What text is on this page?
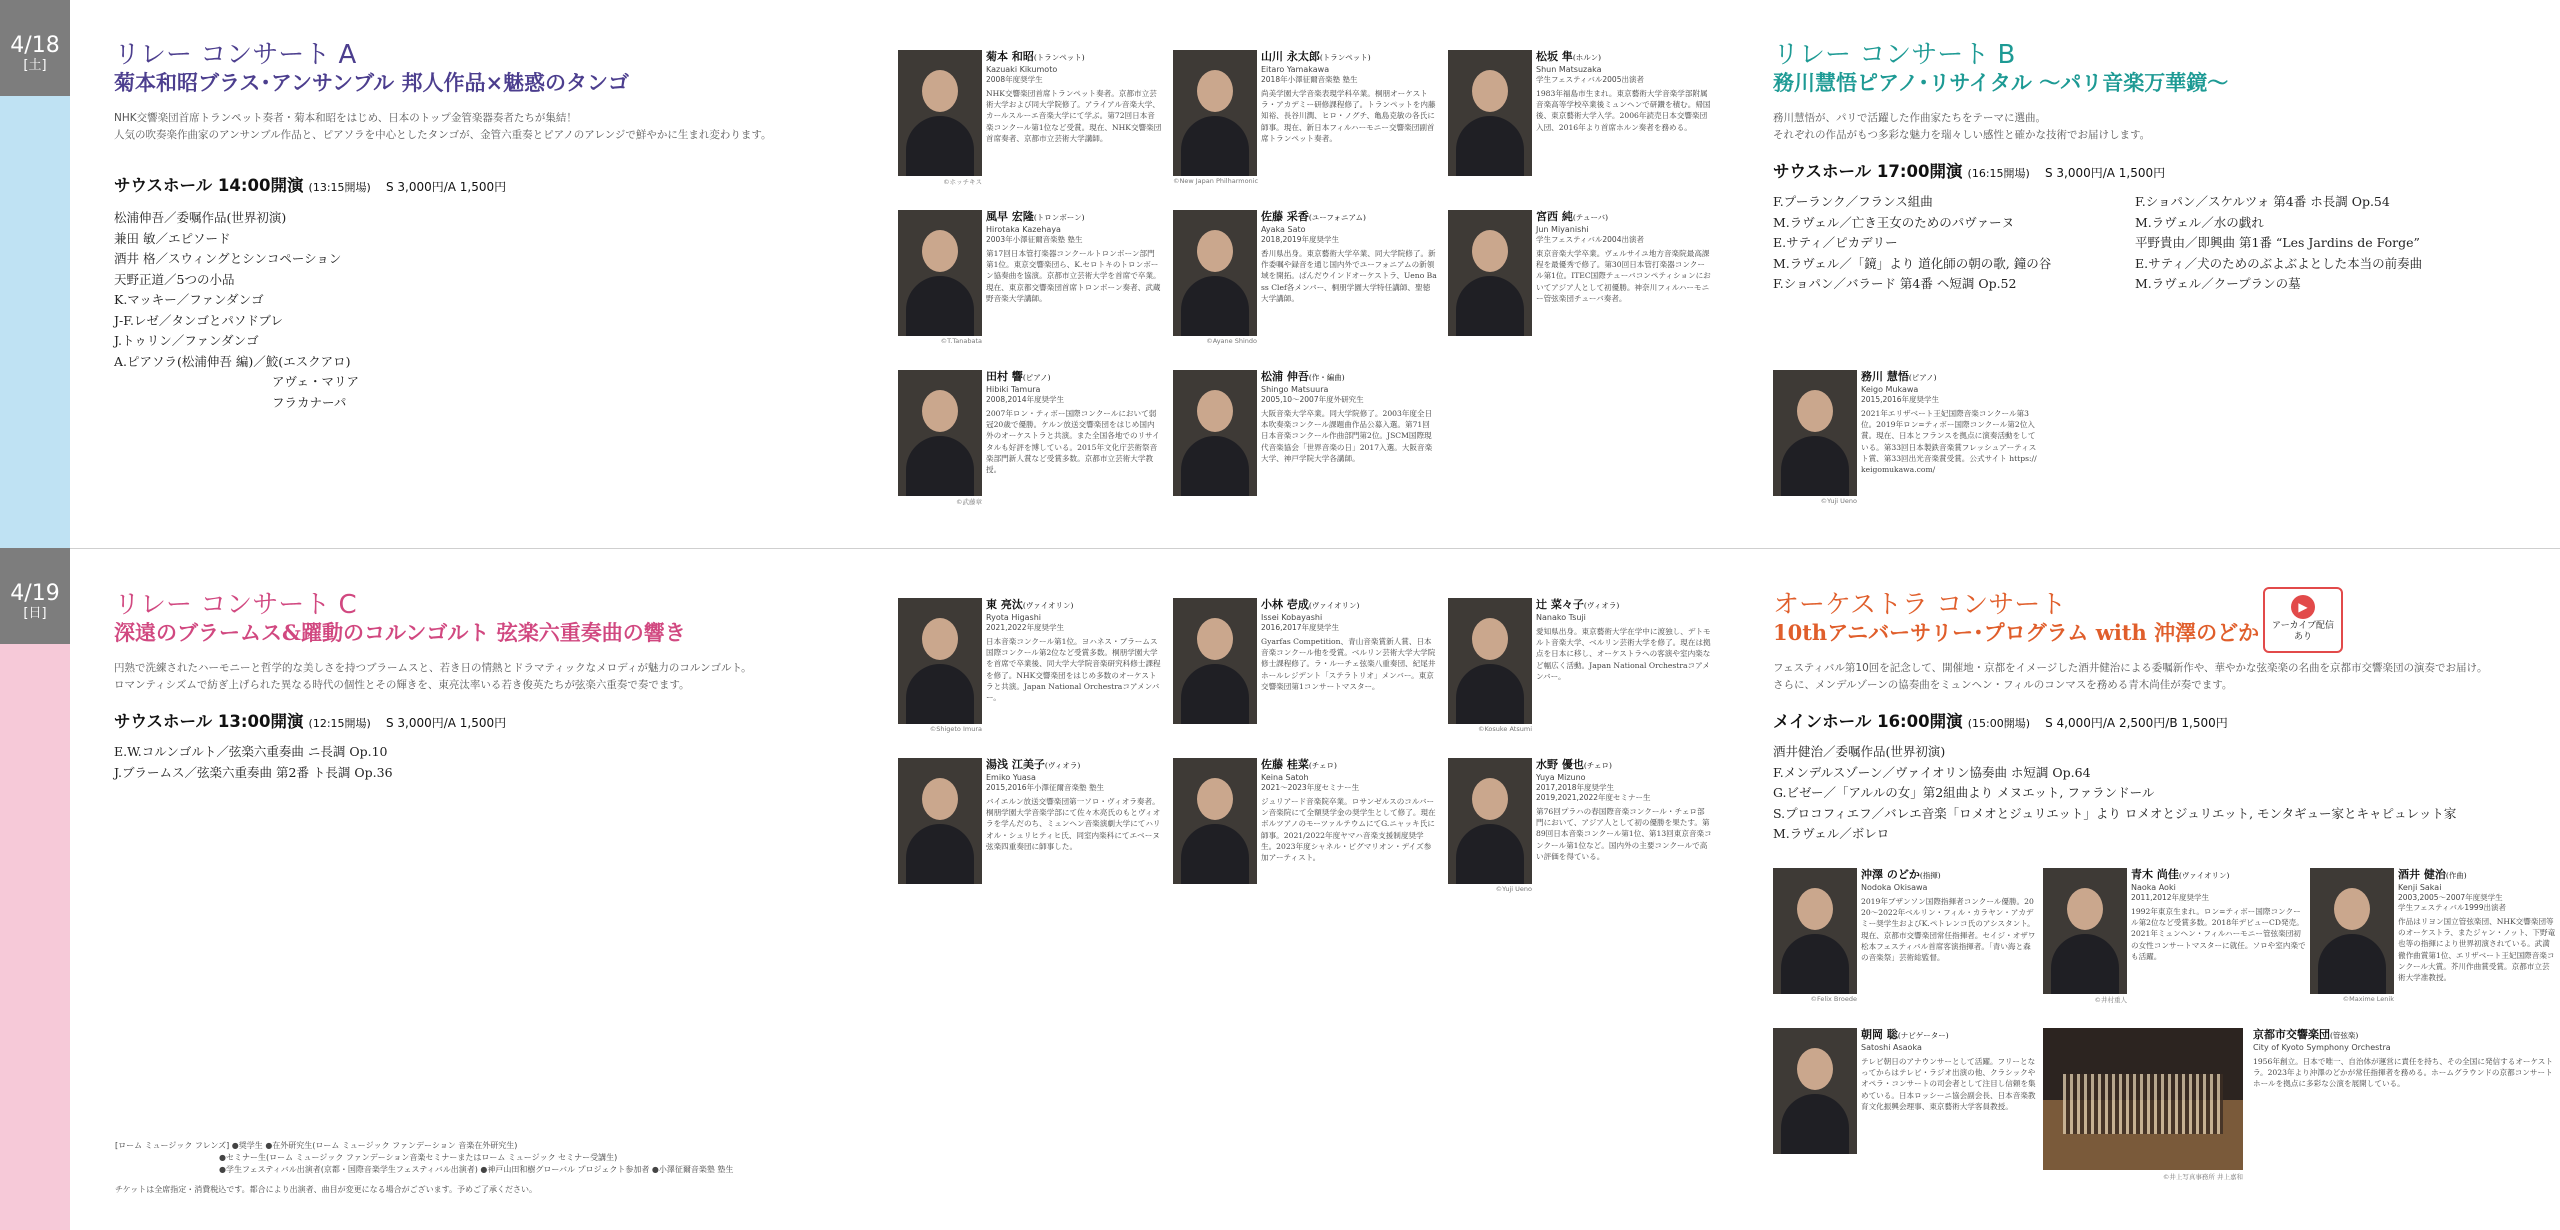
4/18
[土]
4/19
[日]
リレー コンサート A
菊本和昭ブラス･アンサンブル 邦人作品×魅惑のタンゴ
NHK交響楽団首席トランペット奏者・菊本和昭をはじめ、日本のトップ金管楽器奏者たちが集結！
人気の吹奏楽作曲家のアンサンブル作品と、ピアソラを中心としたタンゴが、金管六重奏とピアノのアレンジで鮮やかに生まれ変わります。
サウスホール 14:00開演 (13:15開場) S 3,000円/A 1,500円
松浦伸吾／委嘱作品(世界初演)
兼田 敏／エピソード
酒井 格／スウィングとシンコペーション
天野正道／5つの小品
K.マッキー／ファンダンゴ
J-F.レゼ／タンゴとパソドブレ
J.トゥリン／ファンダンゴ
A.ピアソラ(松浦伸吾 編)／鮫(エスクアロ)
アヴェ・マリア
フラカナーパ
リレー コンサート B
務川慧悟ピアノ･リサイタル ～パリ音楽万華鏡～
務川慧悟が、パリで活躍した作曲家たちをテーマに選曲。
それぞれの作品がもつ多彩な魅力を瑞々しい感性と確かな技術でお届けします。
サウスホール 17:00開演 (16:15開場) S 3,000円/A 1,500円
F.プーランク／フランス組曲
M.ラヴェル／亡き王女のためのパヴァーヌ
E.サティ／ピカデリー
M.ラヴェル／「鏡」より 道化師の朝の歌, 鐘の谷
F.ショパン／バラード 第4番 ヘ短調 Op.52
F.ショパン／スケルツォ 第4番 ホ長調 Op.54
M.ラヴェル／水の戯れ
平野貴由／即興曲 第1番 “Les Jardins de Forge”
E.サティ／犬のためのぶよぶよとした本当の前奏曲
M.ラヴェル／クープランの墓
リレー コンサート C
深遠のブラームス&躍動のコルンゴルト 弦楽六重奏曲の響き
円熟で洗練されたハーモニーと哲学的な美しさを持つブラームスと、若き日の情熱とドラマティックなメロディが魅力のコルンゴルト。
ロマンティシズムで紡ぎ上げられた異なる時代の個性とその輝きを、東亮汰率いる若き俊英たちが弦楽六重奏で奏でます。
サウスホール 13:00開演 (12:15開場) S 3,000円/A 1,500円
E.W.コルンゴルト／弦楽六重奏曲 ニ長調 Op.10
J.ブラームス／弦楽六重奏曲 第2番 ト長調 Op.36
オーケストラ コンサート
10thアニバーサリー･プログラム with 沖澤のどか
フェスティバル第10回を記念して、開催地・京都をイメージした酒井健治による委嘱新作や、華やかな弦楽楽の名曲を京都市交響楽団の演奏でお届け。
さらに、メンデルゾーンの協奏曲をミュンヘン・フィルのコンマスを務める青木尚佳が奏でます。
メインホール 16:00開演 (15:00開場) S 4,000円/A 2,500円/B 1,500円
酒井健治／委嘱作品(世界初演)
F.メンデルスゾーン／ヴァイオリン協奏曲 ホ短調 Op.64
G.ビゼー／「アルルの女」第2組曲より メヌエット, ファランドール
S.プロコフィエフ／バレエ音楽「ロメオとジュリエット」より ロメオとジュリエット, モンタギュー家とキャピュレット家
M.ラヴェル／ボレロ
▶
アーカイブ配信
あり
©ホッチキス
菊本 和昭(トランペット)
Kazuaki Kikumoto
2008年度奨学生
NHK交響楽団首席トランペット奏者。京都市立芸術大学および同大学院修了。アライアル音楽大学、カールスルーエ音楽大学にて学ぶ。第72回日本音楽コンクール第1位など受賞。現在、NHK交響楽団首席奏者、京都市立芸術大学講師。
©New Japan Philharmonic
山川 永太郎(トランペット)
Eitaro Yamakawa
2018年小澤征爾音楽塾 塾生
尚美学園大学音楽表現学科卒業。桐朋オーケストラ・アカデミー研修課程修了。トランペットを内藤知裕、長谷川潤、ヒロ・ノグチ、亀島克敏の各氏に師事。現在、新日本フィルハーモニー交響楽団副首席トランペット奏者。
松坂 隼(ホルン)
Shun Matsuzaka
学生フェスティバル2005出演者
1983年福島市生まれ。東京藝術大学音楽学部附属音楽高等学校卒業後ミュンヘンで研鑽を積む。帰国後、東京藝術大学入学。2006年読売日本交響楽団入団、2016年より首席ホルン奏者を務める。
©T.Tanabata
風早 宏隆(トロンボーン)
Hirotaka Kazehaya
2003年小澤征爾音楽塾 塾生
第17回日本管打楽器コンクールトロンボーン部門第1位。東京交響楽団ら、K.セロトキのトロンボーン協奏曲を協演。京都市立芸術大学を首席で卒業。現在、東京都交響楽団首席トロンボーン奏者、武蔵野音楽大学講師。
©Ayane Shindo
佐藤 采香(ユーフォニアム)
Ayaka Sato
2018,2019年度奨学生
香川県出身。東京藝術大学卒業、同大学院修了。新作委嘱や録音を通じ国内外でユーフォニアムの新領域を開拓。ぱんだウインドオーケストラ、Ueno Bass Clef各メンバー、桐朋学園大学特任講師、聖徳大学講師。
宮西 純(テューバ)
Jun Miyanishi
学生フェスティバル2004出演者
東京音楽大学卒業。ヴェルサイユ地方音楽院最高課程を最優秀で修了。第30回日本管打楽器コンクール第1位。ITEC国際テューバコンペティションにおいてアジア人として初優勝。神奈川フィルハーモニー管弦楽団チューバ奏者。
©武藤章
田村 響(ピアノ)
Hibiki Tamura
2008,2014年度奨学生
2007年ロン・ティボー国際コンクールにおいて弱冠20歳で優勝。ケルン放送交響楽団をはじめ国内外のオーケストラと共演。また全国各地でのリサイタルも好評を博している。2015年文化庁芸術祭音楽部門新人賞など受賞多数。京都市立芸術大学教授。
松浦 伸吾(作・編曲)
Shingo Matsuura
2005,10～2007年度外研究生
大阪音楽大学卒業。同大学院修了。2003年度全日本吹奏楽コンクール課題曲作品公募入選。第71回日本音楽コンクール作曲部門第2位。JSCM国際現代音楽協会「世界音楽の日」2017入選。大阪音楽大学、神戸学院大学各講師。
©Yuji Ueno
務川 慧悟(ピアノ)
Keigo Mukawa
2015,2016年度奨学生
2021年エリザベート王妃国際音楽コンクール第3位。2019年ロン=ティボー国際コンクール第2位入賞。現在、日本とフランスを拠点に演奏活動をしている。第33回日本製鉄音楽賞フレッシュアーティスト賞、第33回出光音楽賞受賞。公式サイト https://keigomukawa.com/
©Shigeto Imura
東 亮汰(ヴァイオリン)
Ryota Higashi
2021,2022年度奨学生
日本音楽コンクール第1位。ヨハネス・ブラームス国際コンクール第2位など受賞多数。桐朋学園大学を首席で卒業後、同大学大学院音楽研究科修士課程を修了。NHK交響楽団をはじめ多数のオーケストラと共演。Japan National Orchestraコアメンバー。
小林 壱成(ヴァイオリン)
Issei Kobayashi
2016,2017年度奨学生
Gyarfas Competition、青山音楽賞新人賞、日本音楽コンクール他を受賞。ベルリン芸術大学大学院修士課程修了。ラ・ルーチェ弦楽八重奏団、紀尾井ホールレジデント「ステラトリオ」メンバー。東京交響楽団第1コンサートマスター。
©Kosuke Atsumi
辻 菜々子(ヴィオラ)
Nanako Tsuji
愛知県出身。東京藝術大学在学中に渡独し、デトモルト音楽大学、ベルリン芸術大学を修了。現在は拠点を日本に移し、オーケストラへの客演や室内楽など幅広く活動。Japan National Orchestraコアメンバー。
湯浅 江美子(ヴィオラ)
Emiko Yuasa
2015,2016年小澤征爾音楽塾 塾生
バイエルン放送交響楽団第一ソロ・ヴィオラ奏者。桐朋学園大学音楽学部にて佐々木亮氏のもとヴィオラを学んだのち、ミュンヘン音楽演劇大学にてハリオル・シュリヒティヒ氏、同室内楽科にてエベーヌ弦楽四重奏団に師事した。
佐藤 桂菜(チェロ)
Keina Satoh
2021～2023年度セミナー生
ジュリアード音楽院卒業。ロサンゼルスのコルバーン音楽院にて全額奨学金の奨学生として修了。現在ボルツアノのモーツァルテウムにてG.ニャッキ氏に師事。2021/2022年度ヤマハ音楽支援制度奨学生。2023年度シャネル・ピグマリオン・デイズ参加アーティスト。
©Yuji Ueno
水野 優也(チェロ)
Yuya Mizuno
2017,2018年度奨学生
2019,2021,2022年度セミナー生
第76回プラハの春国際音楽コンクール・チェロ部門において、アジア人として初の優勝を果たす。第89回日本音楽コンクール第1位、第13回東京音楽コンクール第1位など。国内外の主要コンクールで高い評価を得ている。
©Felix Broede
沖澤 のどか(指揮)
Nodoka Okisawa
2019年ブザンソン国際指揮者コンクール優勝。2020～2022年ベルリン・フィル・カラヤン・アカデミー奨学生およびK.ペトレンコ氏のアシスタント。現在、京都市交響楽団常任指揮者。セイジ・オザワ松本フェスティバル首席客演指揮者。「青い海と森の音楽祭」芸術総監督。
©井村重人
青木 尚佳(ヴァイオリン)
Naoka Aoki
2011,2012年度奨学生
1992年東京生まれ。ロン=ティボー国際コンクール第2位など受賞多数。2018年デビューCD発売。2021年ミュンヘン・フィルハーモニー管弦楽団初の女性コンサートマスターに就任。ソロや室内楽でも活躍。
©Maxime Lenik
酒井 健治(作曲)
Kenji Sakai
2003,2005～2007年度奨学生
学生フェスティバル1999出演者
作品はリヨン国立管弦楽団、NHK交響楽団等のオーケストラ、またジャン・ノット、下野竜也等の指揮により世界初演されている。武満徹作曲賞第1位、エリザベート王妃国際音楽コンクール大賞。芥川作曲賞受賞。京都市立芸術大学准教授。
朝岡 聡(ナビゲーター)
Satoshi Asaoka
テレビ朝日のアナウンサーとして活躍。フリーとなってからはテレビ・ラジオ出演の他、クラシックやオペラ・コンサートの司会者として注目し信頼を集めている。日本ロッシーニ協会副会長、日本音楽教育文化振興会理事、東京藝術大学客員教授。
©井上写真事務所 井上嘉和
京都市交響楽団(管弦楽)
City of Kyoto Symphony Orchestra
1956年創立。日本で唯一、自治体が運営に責任を持ち、その全国に発信するオーケストラ。2023年より沖澤のどかが常任指揮者を務める。ホームグラウンドの京都コンサートホールを拠点に多彩な公演を展開している。
[ローム ミュージック フレンズ] ●奨学生 ●在外研究生(ローム ミュージック ファンデーション 音楽在外研究生)
●セミナー生(ローム ミュージック ファンデーション音楽セミナーまたはローム ミュージック セミナー受講生)
●学生フェスティバル出演者(京都・国際音楽学生フェスティバル出演者) ●神戸山田和樹グローバル プロジェクト参加者 ●小澤征爾音楽塾 塾生
チケットは全席指定・消費税込です。都合により出演者、曲目が変更になる場合がございます。予めご了承ください。
